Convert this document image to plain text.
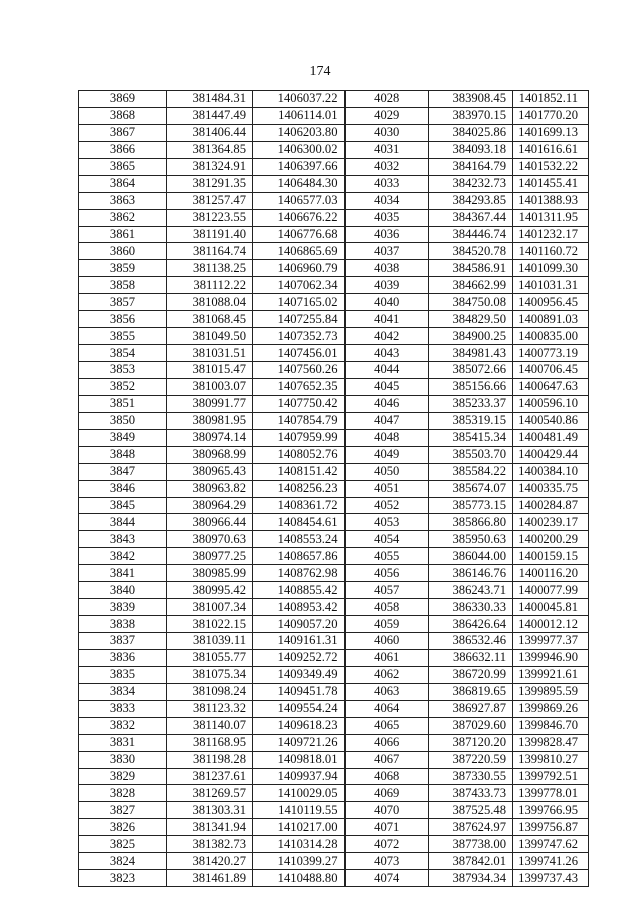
174
3869	381484.31	1406037.22	4028	383908.45	1401852.11
3868	381447.49	1406114.01	4029	383970.15	1401770.20
3867	381406.44	1406203.80	4030	384025.86	1401699.13
3866	381364.85	1406300.02	4031	384093.18	1401616.61
3865	381324.91	1406397.66	4032	384164.79	1401532.22
3864	381291.35	1406484.30	4033	384232.73	1401455.41
3863	381257.47	1406577.03	4034	384293.85	1401388.93
3862	381223.55	1406676.22	4035	384367.44	1401311.95
3861	381191.40	1406776.68	4036	384446.74	1401232.17
3860	381164.74	1406865.69	4037	384520.78	1401160.72
3859	381138.25	1406960.79	4038	384586.91	1401099.30
3858	381112.22	1407062.34	4039	384662.99	1401031.31
3857	381088.04	1407165.02	4040	384750.08	1400956.45
3856	381068.45	1407255.84	4041	384829.50	1400891.03
3855	381049.50	1407352.73	4042	384900.25	1400835.00
3854	381031.51	1407456.01	4043	384981.43	1400773.19
3853	381015.47	1407560.26	4044	385072.66	1400706.45
3852	381003.07	1407652.35	4045	385156.66	1400647.63
3851	380991.77	1407750.42	4046	385233.37	1400596.10
3850	380981.95	1407854.79	4047	385319.15	1400540.86
3849	380974.14	1407959.99	4048	385415.34	1400481.49
3848	380968.99	1408052.76	4049	385503.70	1400429.44
3847	380965.43	1408151.42	4050	385584.22	1400384.10
3846	380963.82	1408256.23	4051	385674.07	1400335.75
3845	380964.29	1408361.72	4052	385773.15	1400284.87
3844	380966.44	1408454.61	4053	385866.80	1400239.17
3843	380970.63	1408553.24	4054	385950.63	1400200.29
3842	380977.25	1408657.86	4055	386044.00	1400159.15
3841	380985.99	1408762.98	4056	386146.76	1400116.20
3840	380995.42	1408855.42	4057	386243.71	1400077.99
3839	381007.34	1408953.42	4058	386330.33	1400045.81
3838	381022.15	1409057.20	4059	386426.64	1400012.12
3837	381039.11	1409161.31	4060	386532.46	1399977.37
3836	381055.77	1409252.72	4061	386632.11	1399946.90
3835	381075.34	1409349.49	4062	386720.99	1399921.61
3834	381098.24	1409451.78	4063	386819.65	1399895.59
3833	381123.32	1409554.24	4064	386927.87	1399869.26
3832	381140.07	1409618.23	4065	387029.60	1399846.70
3831	381168.95	1409721.26	4066	387120.20	1399828.47
3830	381198.28	1409818.01	4067	387220.59	1399810.27
3829	381237.61	1409937.94	4068	387330.55	1399792.51
3828	381269.57	1410029.05	4069	387433.73	1399778.01
3827	381303.31	1410119.55	4070	387525.48	1399766.95
3826	381341.94	1410217.00	4071	387624.97	1399756.87
3825	381382.73	1410314.28	4072	387738.00	1399747.62
3824	381420.27	1410399.27	4073	387842.01	1399741.26
3823	381461.89	1410488.80	4074	387934.34	1399737.43
